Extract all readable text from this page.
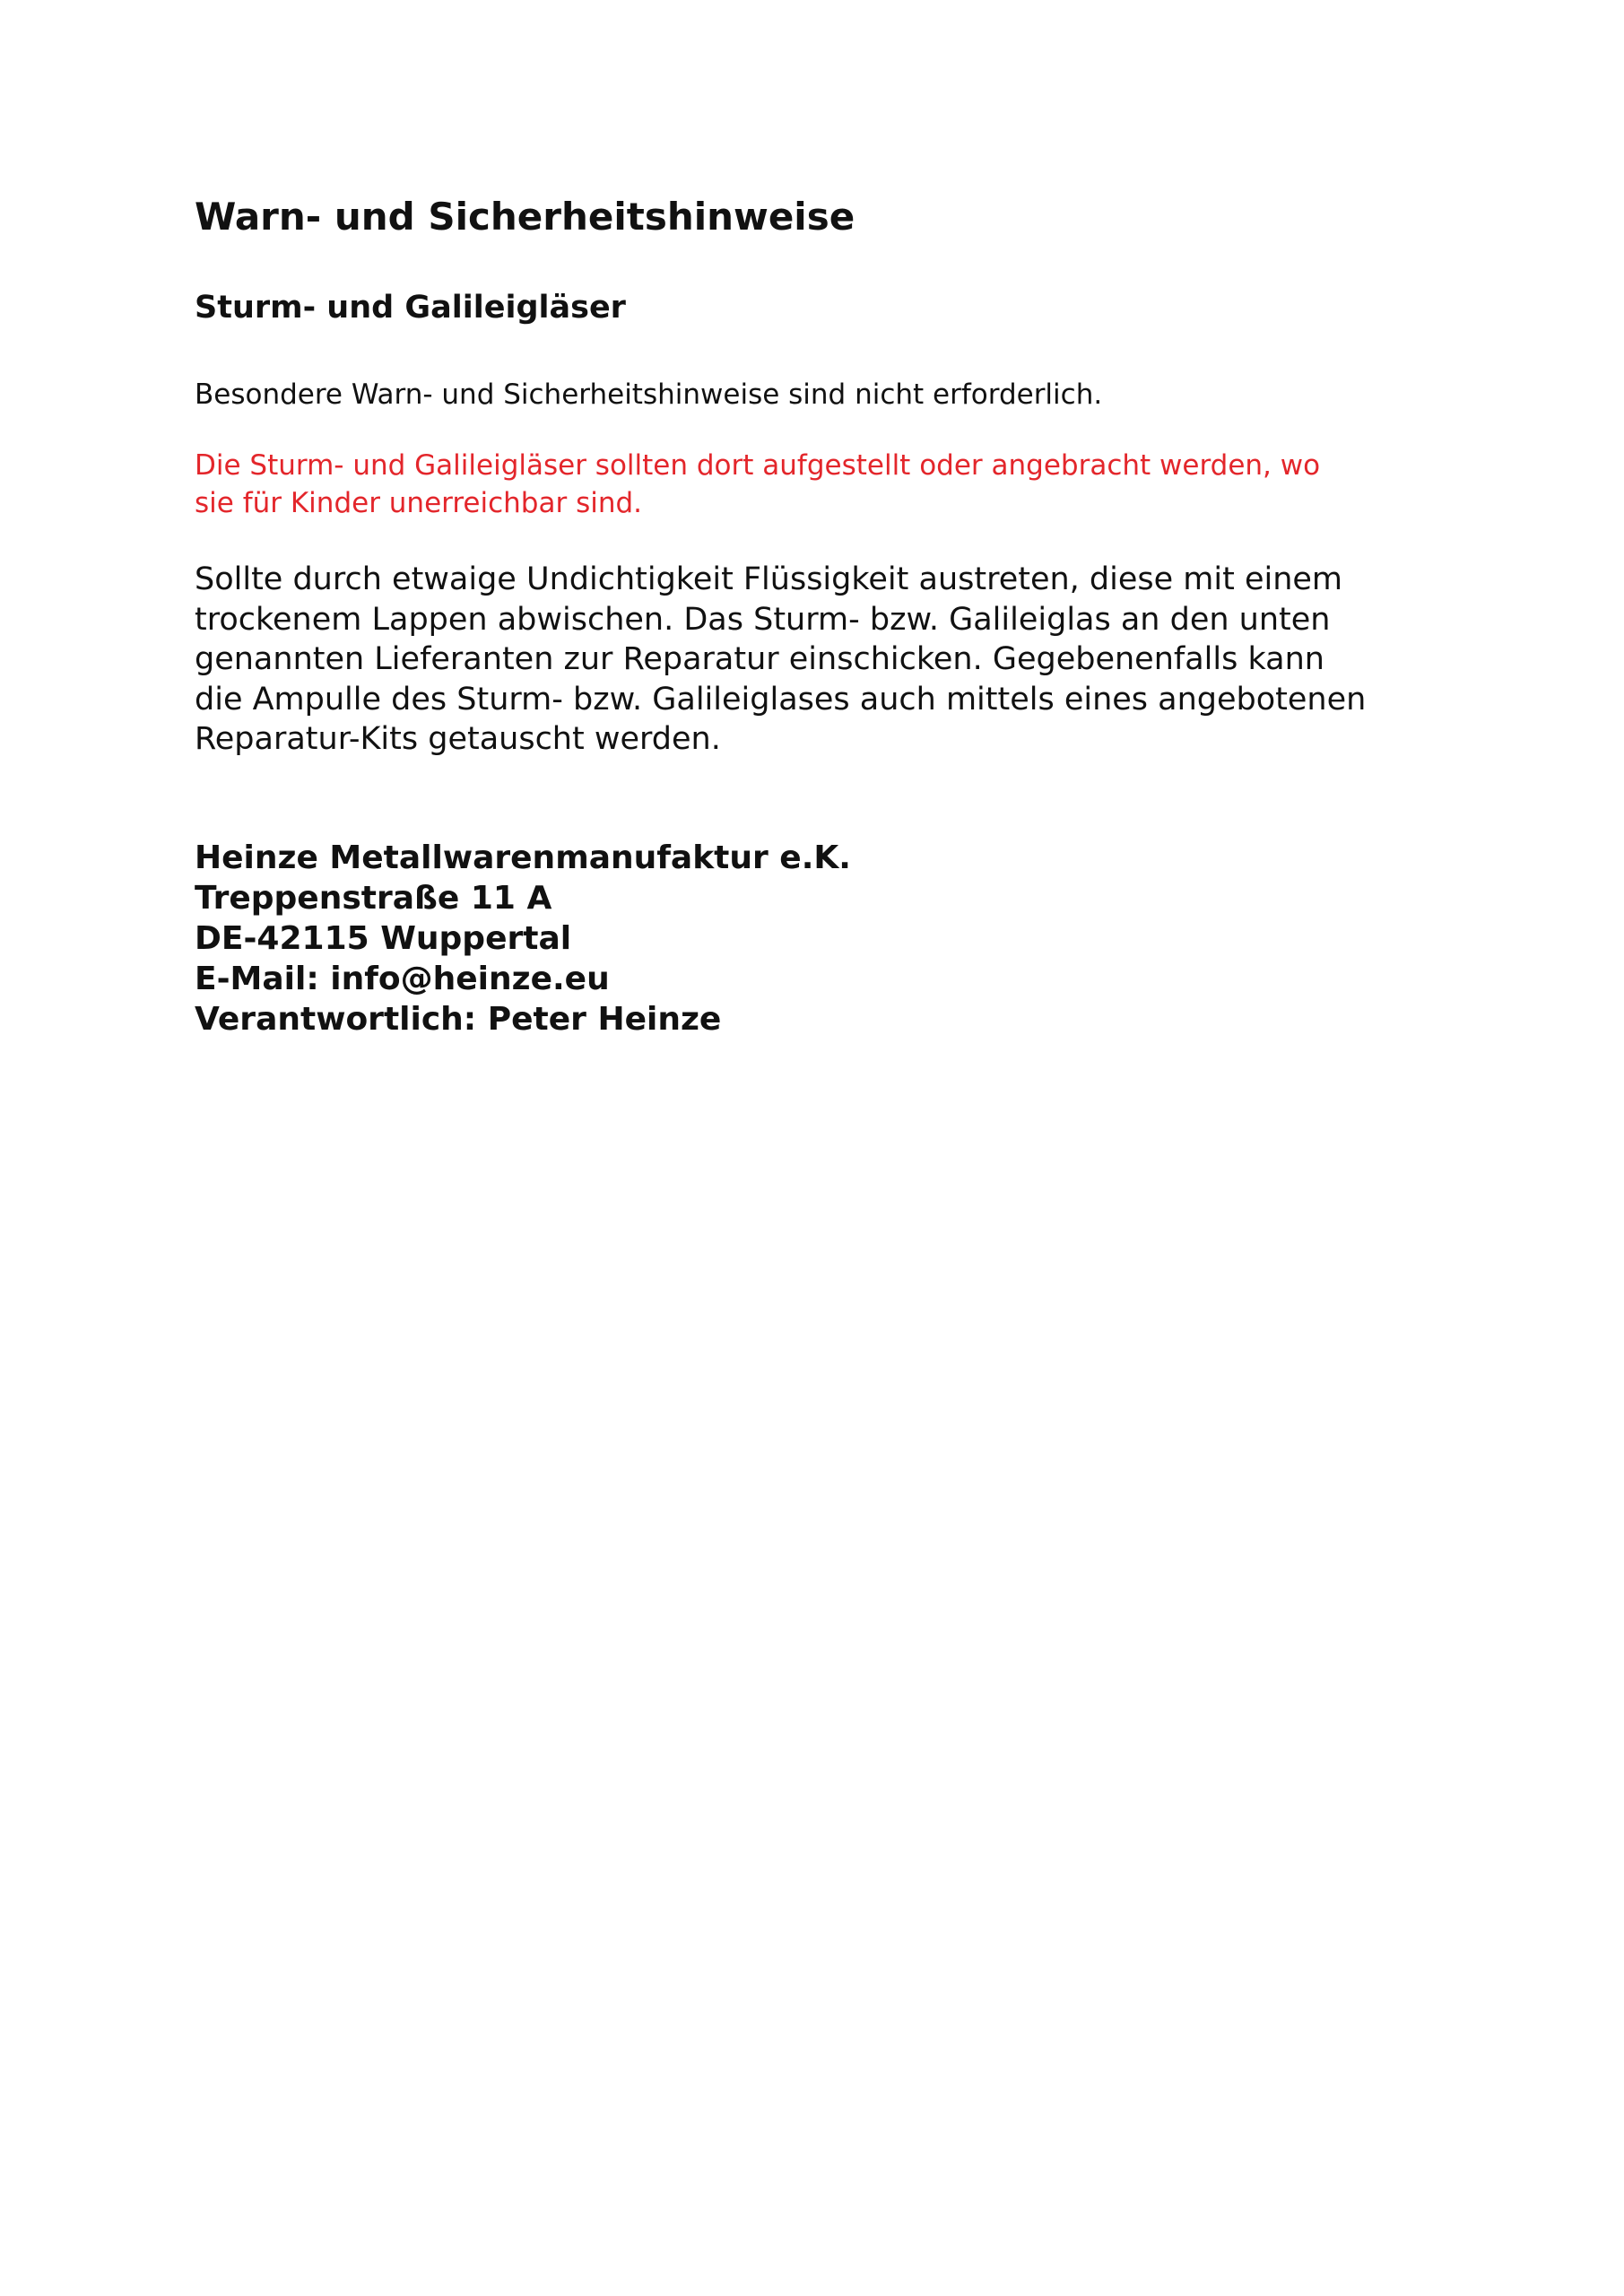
Warn- und Sicherheitshinweise
Sturm- und Galileigläser

Besondere Warn- und Sicherheitshinweise sind nicht erforderlich.

Die Sturm- und Galileigläser sollten dort aufgestellt oder angebracht werden, wo
sie für Kinder unerreichbar sind.

Sollte durch etwaige Undichtigkeit Flüssigkeit austreten, diese mit einem
trockenem Lappen abwischen. Das Sturm- bzw. Galileiglas an den unten
genannten Lieferanten zur Reparatur einschicken. Gegebenenfalls kann
die Ampulle des Sturm- bzw. Galileiglases auch mittels eines angebotenen
Reparatur-Kits getauscht werden.

Heinze Metallwarenmanufaktur e.K.
Treppenstraße 11 A
DE-42115 Wuppertal
E-Mail: info@heinze.eu
Verantwortlich: Peter Heinze
